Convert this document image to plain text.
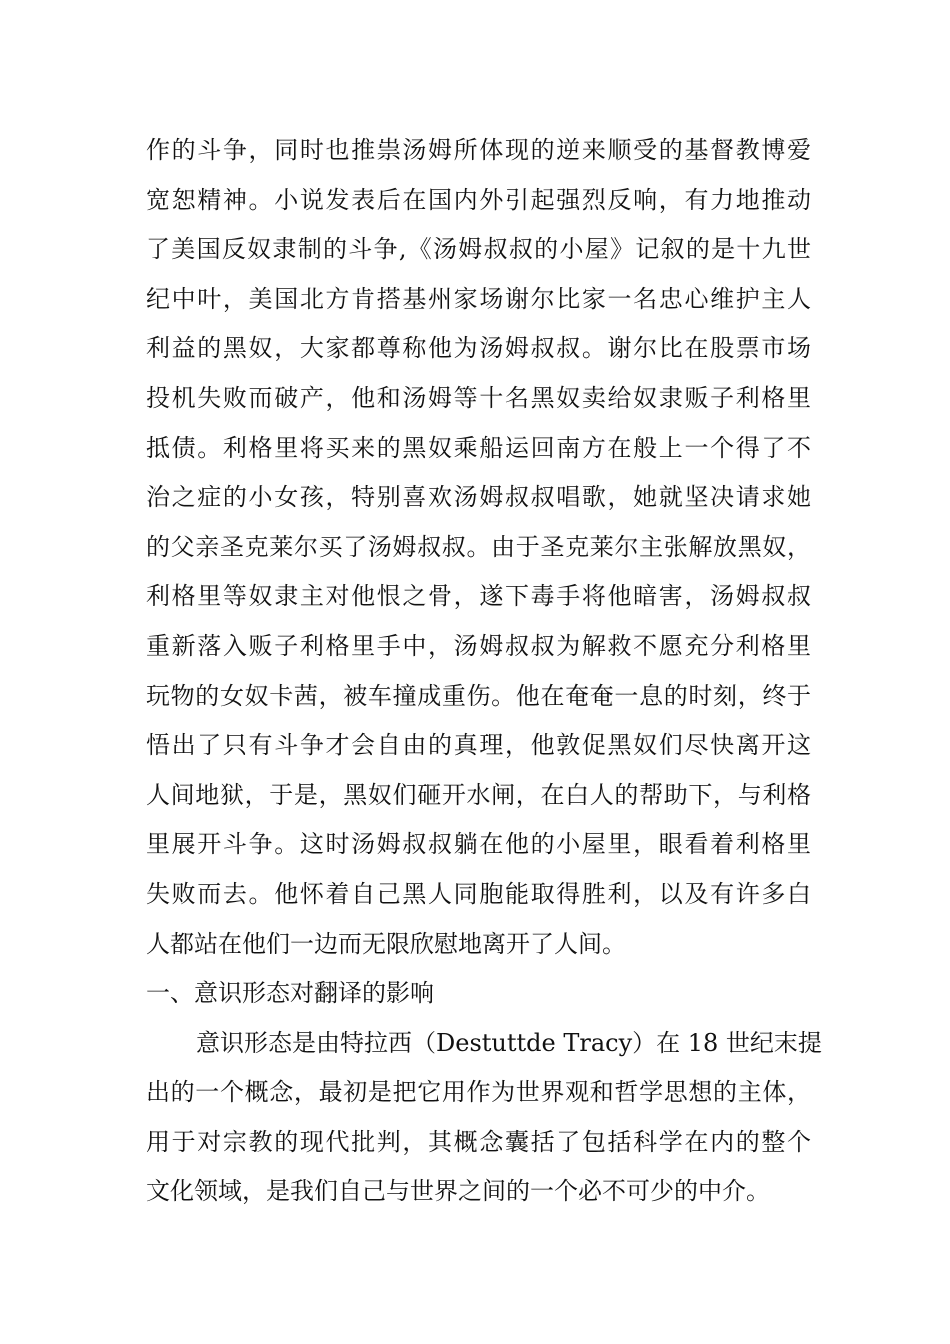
作的斗争，同时也推祟汤姆所体现的逆来顺受的基督教博爱
宽恕精神。小说发表后在国内外引起强烈反响，有力地推动
了美国反奴隶制的斗争,《汤姆叔叔的小屋》记叙的是十九世
纪中叶，美国北方肯搭基州家场谢尔比家一名忠心维护主人
利益的黑奴，大家都尊称他为汤姆叔叔。谢尔比在股票市场
投机失败而破产，他和汤姆等十名黑奴卖给奴隶贩子利格里
抵债。利格里将买来的黑奴乘船运回南方在般上一个得了不
治之症的小女孩，特别喜欢汤姆叔叔唱歌，她就坚决请求她
的父亲圣克莱尔买了汤姆叔叔。由于圣克莱尔主张解放黑奴，
利格里等奴隶主对他恨之骨，遂下毒手将他暗害，汤姆叔叔
重新落入贩子利格里手中，汤姆叔叔为解救不愿充分利格里
玩物的女奴卡茜，被车撞成重伤。他在奄奄一息的时刻，终于
悟出了只有斗争才会自由的真理，他敦促黑奴们尽快离开这
人间地狱，于是，黑奴们砸开水闸，在白人的帮助下，与利格
里展开斗争。这时汤姆叔叔躺在他的小屋里，眼看着利格里
失败而去。他怀着自己黑人同胞能取得胜利，以及有许多白
人都站在他们一边而无限欣慰地离开了人间。
一、意识形态对翻译的影响
意识形态是由特拉西（Destuttde Tracy）在 18 世纪末提
出的一个概念，最初是把它用作为世界观和哲学思想的主体，
用于对宗教的现代批判，其概念囊括了包括科学在内的整个
文化领域，是我们自己与世界之间的一个必不可少的中介。
